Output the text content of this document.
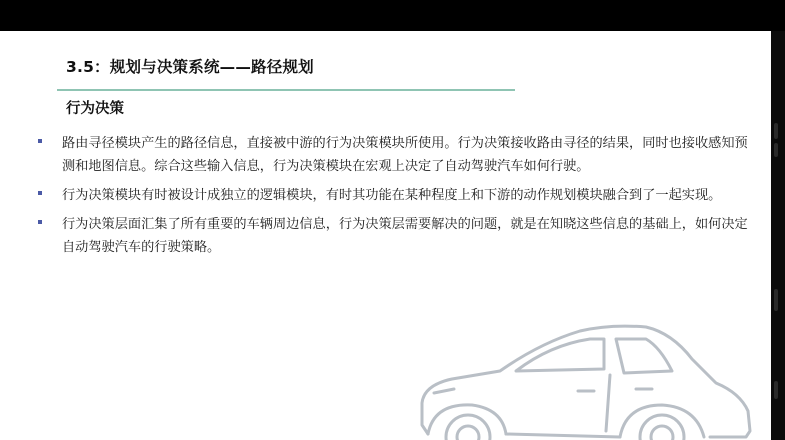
3.5：规划与决策系统——路径规划
行为决策
路由寻径模块产生的路径信息，直接被中游的行为决策模块所使用。行为决策接收路由寻径的结果，同时也接收感知预测和地图信息。综合这些输入信息，行为决策模块在宏观上决定了自动驾驶汽车如何行驶。
行为决策模块有时被设计成独立的逻辑模块，有时其功能在某种程度上和下游的动作规划模块融合到了一起实现。
行为决策层面汇集了所有重要的车辆周边信息，行为决策层需要解决的问题，就是在知晓这些信息的基础上，如何决定自动驾驶汽车的行驶策略。
